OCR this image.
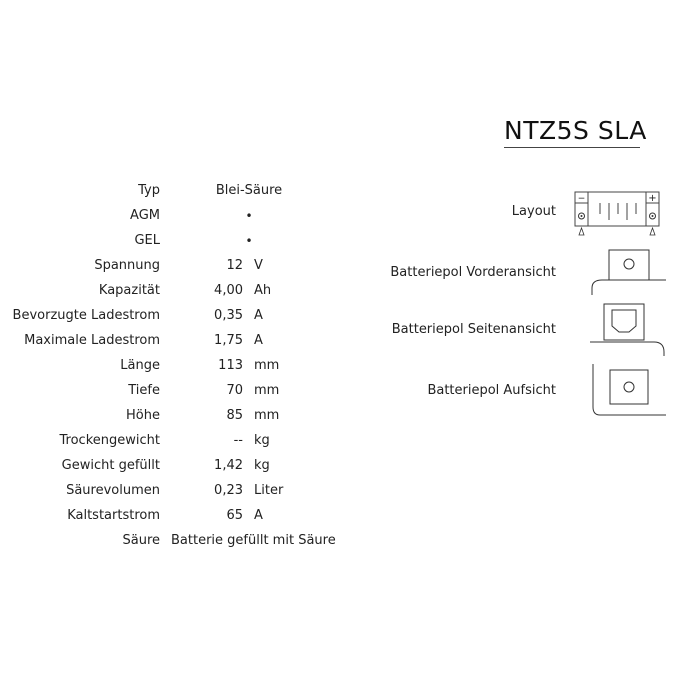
NTZ5S SLA
Typ	Blei-Säure
AGM	•
GEL	•
Spannung	12 V
Kapazität	4,00 Ah
Bevorzugte Ladestrom	0,35 A
Maximale Ladestrom	1,75 A
Länge	113 mm
Tiefe	70 mm
Höhe	85 mm
Trockengewicht	-- kg
Gewicht gefüllt	1,42 kg
Säurevolumen	0,23 Liter
Kaltstartstrom	65 A
Säure Batterie gefüllt mit Säure
Layout
−	+
Batteriepol Vorderansicht
Batteriepol Seitenansicht
Batteriepol Aufsicht
